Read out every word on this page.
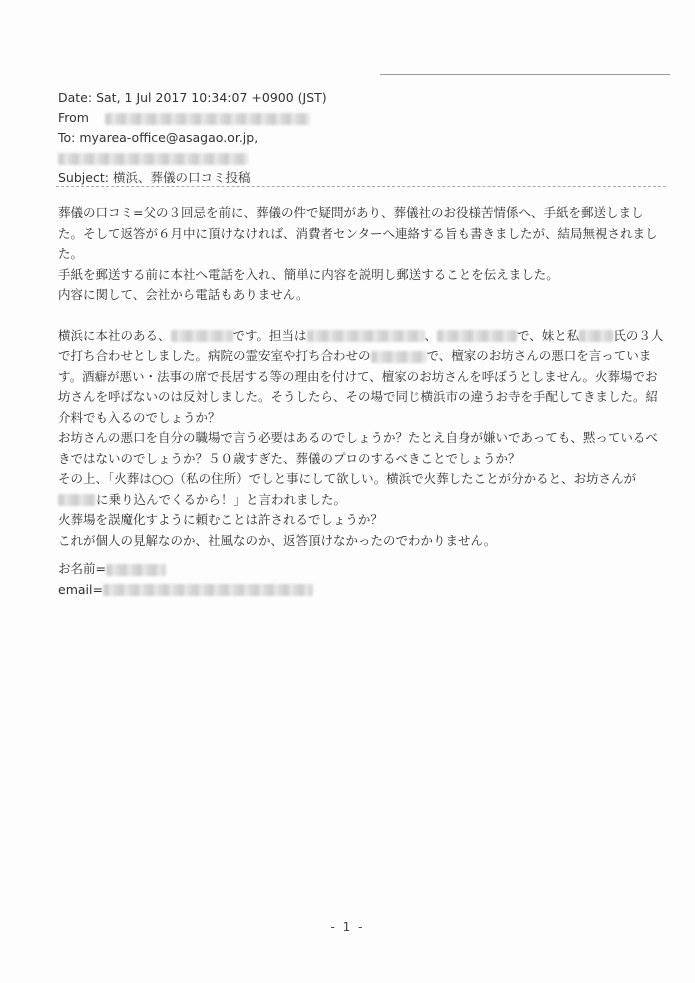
Date: Sat, 1 Jul 2017 10:34:07 +0900 (JST)
From
To: myarea-office@asagao.or.jp,
Subject: 横浜、葬儀の口コミ投稿

葬儀の口コミ=父の３回忌を前に、葬儀の件で疑問があり、葬儀社のお役様苦情係へ、手紙を郵送しました。そして返答が６月中に頂けなければ、消費者センターへ連絡する旨も書きましたが、結局無視されました。

手紙を郵送する前に本社へ電話を入れ、簡単に内容を説明し郵送することを伝えました。

内容に関して、会社から電話もありません。

横浜に本社のある、	です。担当は	、	で、妹と私	氏の３人で打ち合わせとしました。病院の霊安室や打ち合わせの	で、檀家のお坊さんの悪口を言っています。酒癖が悪い・法事の席で長居する等の理由を付けて、檀家のお坊さんを呼ぼうとしません。火葬場でお坊さんを呼ばないのは反対しました。そうしたら、その場で同じ横浜市の違うお寺を手配してきました。紹介料でも入るのでしょうか？

お坊さんの悪口を自分の職場で言う必要はあるのでしょうか？たとえ自身が嫌いであっても、黙っているべきではないのでしょうか？５０歳すぎた、葬儀のプロのするべきことでしょうか？

その上、「火葬は○○（私の住所）でしと事にして欲しい。横浜で火葬したことが分かると、お坊さんがに乗り込んでくるから！」と言われました。

火葬場を誤魔化すように頼むことは許されるでしょうか？

これが個人の見解なのか、社風なのか、返答頂けなかったのでわかりません。

お名前=
email=
- 1 -
